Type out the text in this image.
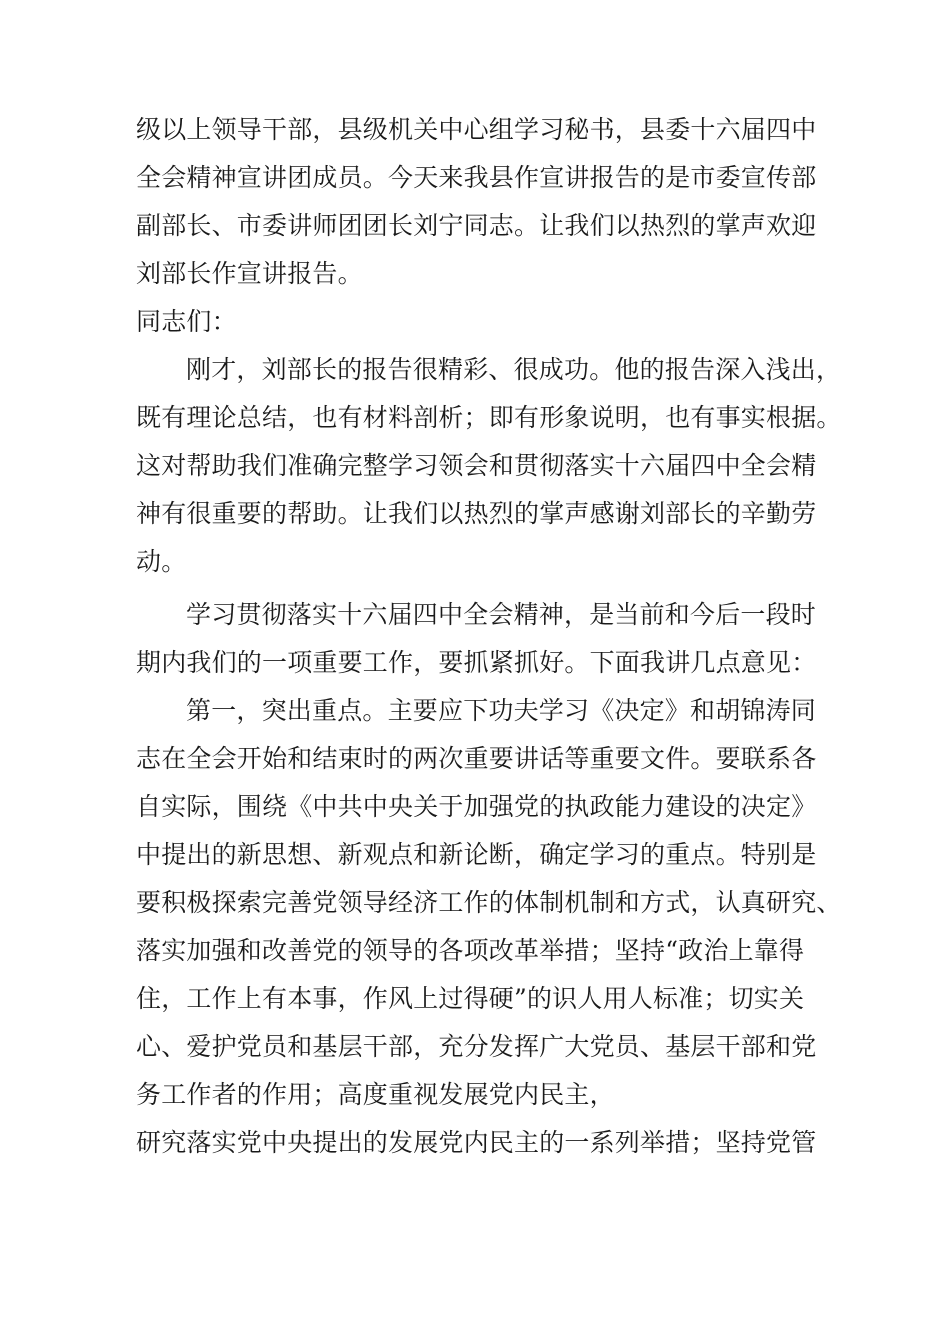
级以上领导干部，县级机关中心组学习秘书，县委十六届四中
全会精神宣讲团成员。今天来我县作宣讲报告的是市委宣传部
副部长、市委讲师团团长刘宁同志。让我们以热烈的掌声欢迎
刘部长作宣讲报告。
同志们：
刚才，刘部长的报告很精彩、很成功。他的报告深入浅出，
既有理论总结，也有材料剖析；即有形象说明，也有事实根据。
这对帮助我们准确完整学习领会和贯彻落实十六届四中全会精
神有很重要的帮助。让我们以热烈的掌声感谢刘部长的辛勤劳
动。
学习贯彻落实十六届四中全会精神，是当前和今后一段时
期内我们的一项重要工作，要抓紧抓好。下面我讲几点意见：
第一，突出重点。主要应下功夫学习《决定》和胡锦涛同
志在全会开始和结束时的两次重要讲话等重要文件。要联系各
自实际，围绕《中共中央关于加强党的执政能力建设的决定》
中提出的新思想、新观点和新论断，确定学习的重点。特别是
要积极探索完善党领导经济工作的体制机制和方式，认真研究、
落实加强和改善党的领导的各项改革举措；坚持“政治上靠得
住，工作上有本事，作风上过得硬”的识人用人标准；切实关
心、爱护党员和基层干部，充分发挥广大党员、基层干部和党
务工作者的作用；高度重视发展党内民主，
研究落实党中央提出的发展党内民主的一系列举措；坚持党管
